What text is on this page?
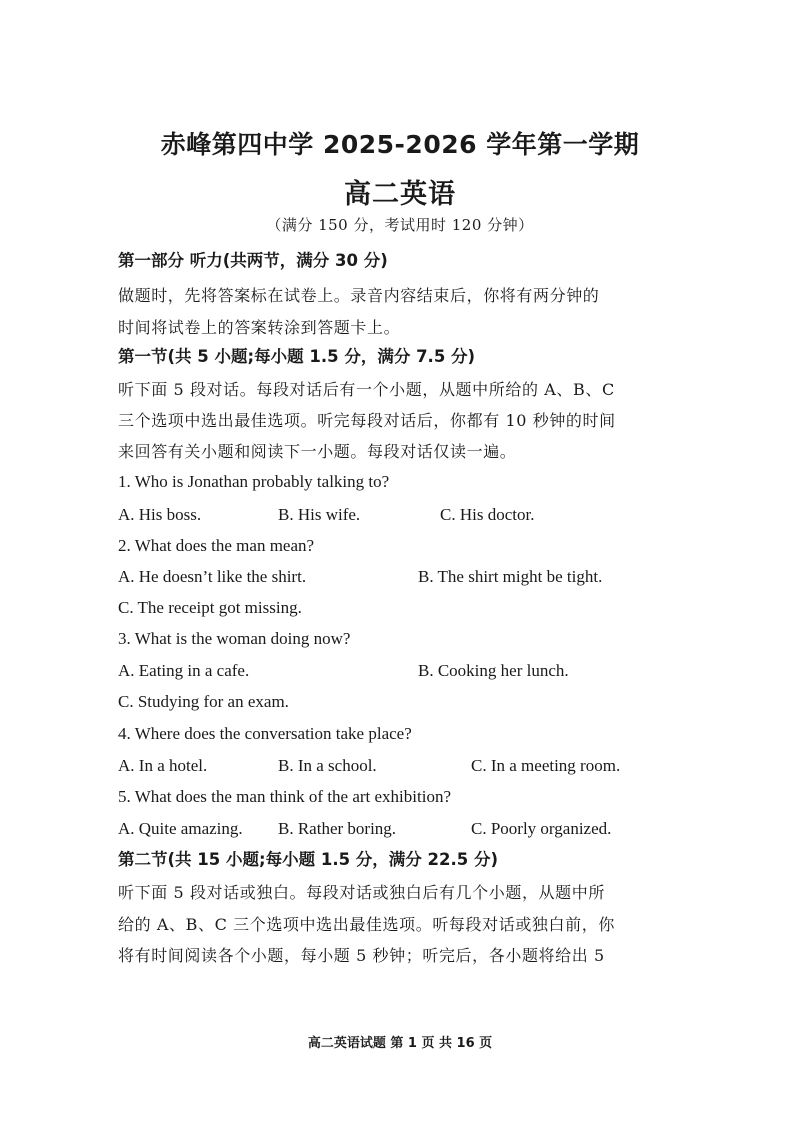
赤峰第四中学 2025-2026 学年第一学期
高二英语
（满分 150 分，考试用时 120 分钟）
第一部分 听力(共两节，满分 30 分)
做题时，先将答案标在试卷上。录音内容结束后，你将有两分钟的
时间将试卷上的答案转涂到答题卡上。
第一节(共 5 小题;每小题 1.5 分，满分 7.5 分)
听下面 5 段对话。每段对话后有一个小题，从题中所给的 A、B、C
三个选项中选出最佳选项。听完每段对话后，你都有 10 秒钟的时间
来回答有关小题和阅读下一小题。每段对话仅读一遍。
1. Who is Jonathan probably talking to?
A. His boss.	B. His wife.	C. His doctor.
2. What does the man mean?
A. He doesn’t like the shirt.	B. The shirt might be tight.
C. The receipt got missing.
3. What is the woman doing now?
A. Eating in a cafe.	B. Cooking her lunch.
C. Studying for an exam.
4. Where does the conversation take place?
A. In a hotel.	B. In a school.	C. In a meeting room.
5. What does the man think of the art exhibition?
A. Quite amazing. B. Rather boring.	C. Poorly organized.
第二节(共 15 小题;每小题 1.5 分，满分 22.5 分)
听下面 5 段对话或独白。每段对话或独白后有几个小题，从题中所
给的 A、B、C 三个选项中选出最佳选项。听每段对话或独白前，你
将有时间阅读各个小题，每小题 5 秒钟；听完后，各小题将给出 5
高二英语试题 第 1 页 共 16 页
